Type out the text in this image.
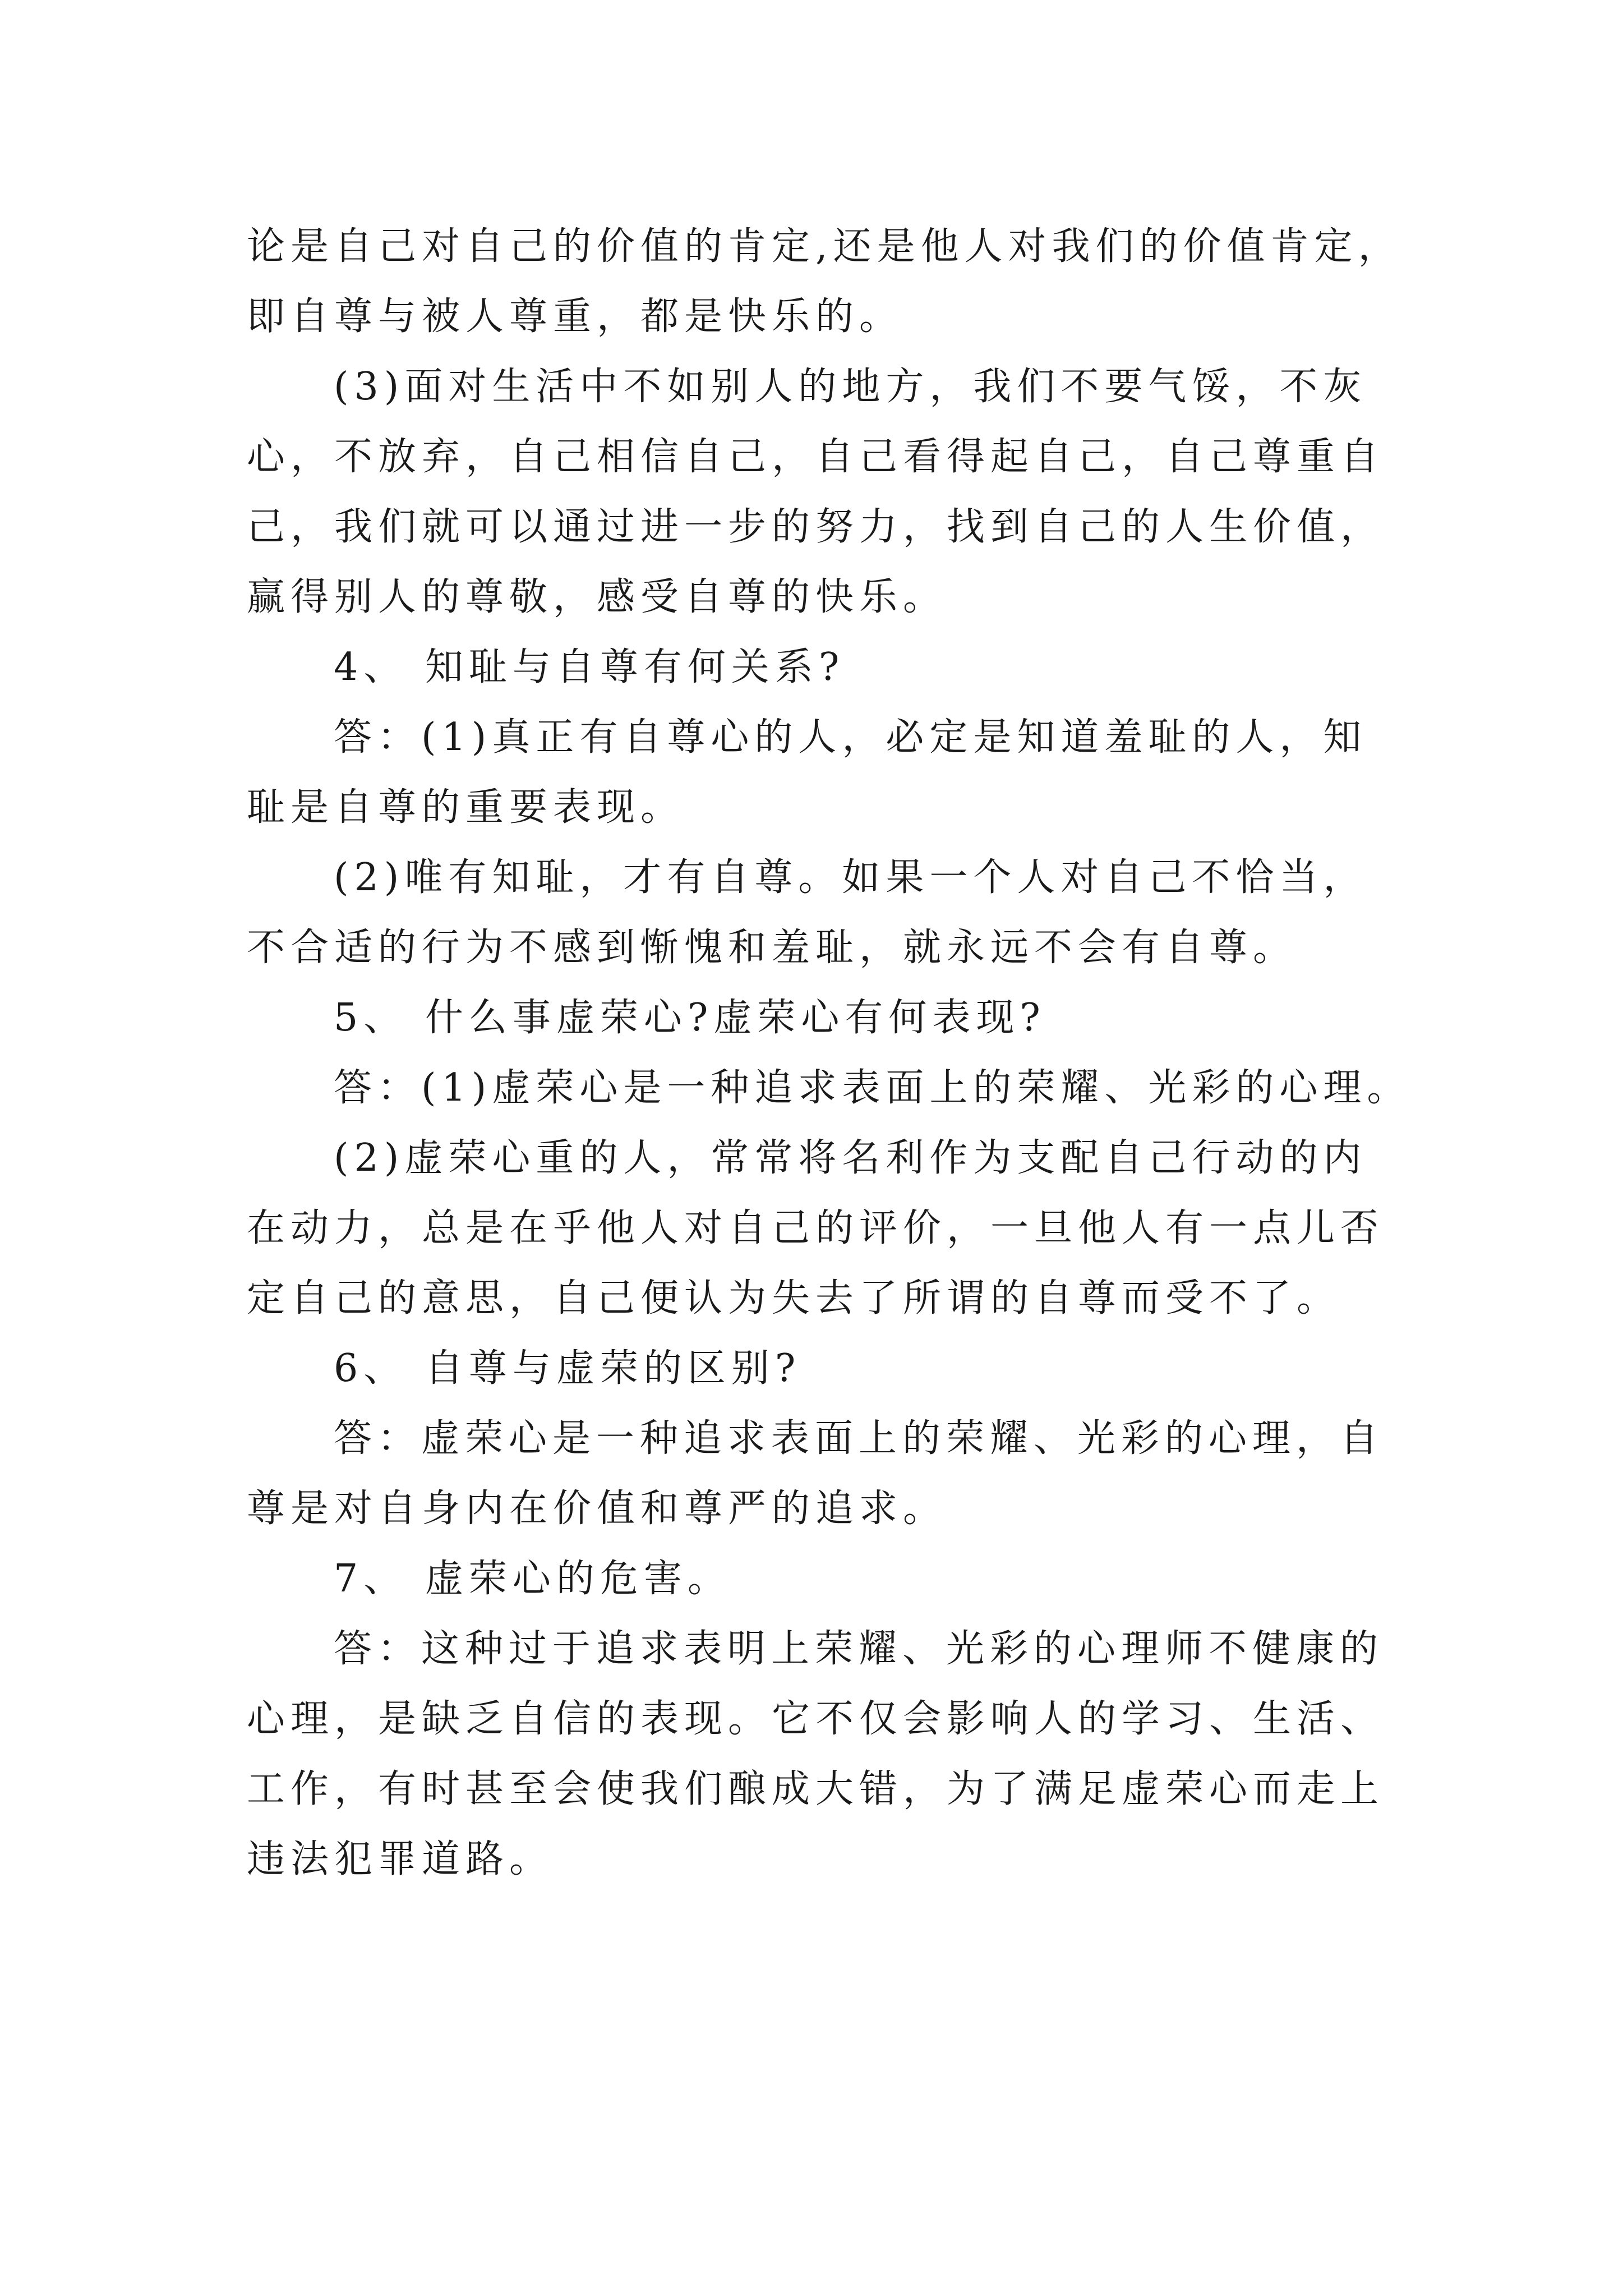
论是自己对自己的价值的肯定,还是他人对我们的价值肯定，
即自尊与被人尊重，都是快乐的。
(3)面对生活中不如别人的地方，我们不要气馁，不灰
心，不放弃，自己相信自己，自己看得起自己，自己尊重自
己，我们就可以通过进一步的努力，找到自己的人生价值，
赢得别人的尊敬，感受自尊的快乐。
4、 知耻与自尊有何关系?
答：(1)真正有自尊心的人，必定是知道羞耻的人，知
耻是自尊的重要表现。
(2)唯有知耻，才有自尊。如果一个人对自己不恰当，
不合适的行为不感到惭愧和羞耻，就永远不会有自尊。
5、 什么事虚荣心?虚荣心有何表现?
答：(1)虚荣心是一种追求表面上的荣耀、光彩的心理。
(2)虚荣心重的人，常常将名利作为支配自己行动的内
在动力，总是在乎他人对自己的评价，一旦他人有一点儿否
定自己的意思，自己便认为失去了所谓的自尊而受不了。
6、 自尊与虚荣的区别?
答：虚荣心是一种追求表面上的荣耀、光彩的心理，自
尊是对自身内在价值和尊严的追求。
7、 虚荣心的危害。
答：这种过于追求表明上荣耀、光彩的心理师不健康的
心理，是缺乏自信的表现。它不仅会影响人的学习、生活、
工作，有时甚至会使我们酿成大错，为了满足虚荣心而走上
违法犯罪道路。
